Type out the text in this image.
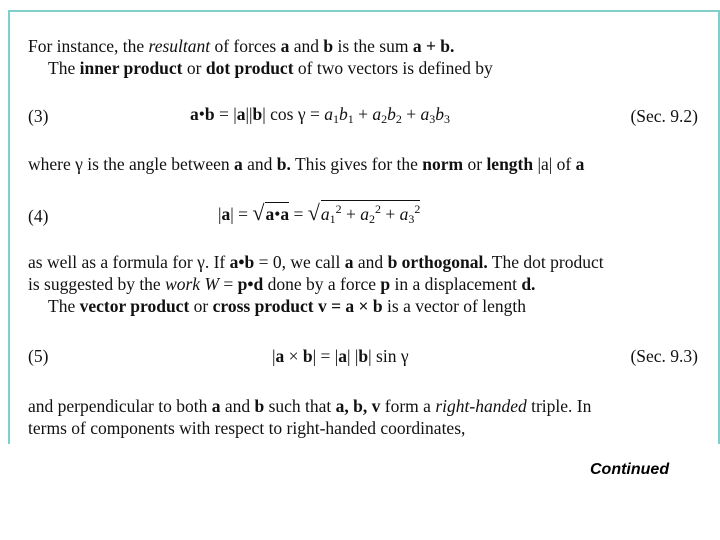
For instance, the resultant of forces a and b is the sum a + b.
The inner product or dot product of two vectors is defined by
(3)	a•b = |a||b| $\cos \gamma = a_1b_1 + a_2b_2 + a_3b_3$	(Sec. 9.2)
where γ is the angle between a and b. This gives for the norm or length |a| of a
(4)	|a| = √a•a = $√a_1^2 + a_2^2 + a_3^2$
as well as a formula for γ. If a•b = 0, we call a and b orthogonal. The dot product
is suggested by the work W = p•d done by a force p in a displacement d.
The vector product or cross product v = a × b is a vector of length
(5)	|a × b| = |a| |b| sin γ	(Sec. 9.3)
and perpendicular to both a and b such that a, b, v form a right-handed triple. In
terms of components with respect to right-handed coordinates,
Continued
